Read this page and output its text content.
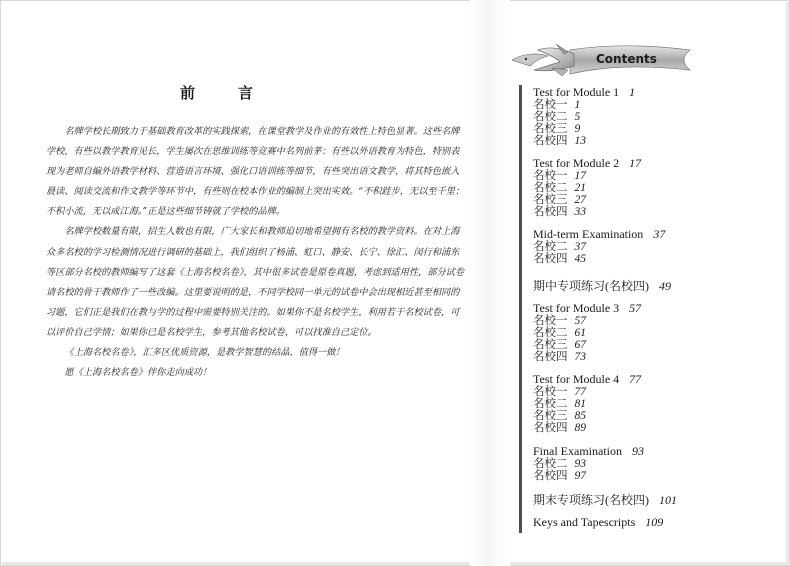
前　言

名牌学校长期致力于基础教育改革的实践探索，在课堂教学及作业的有效性上特色显著。这些名牌学校，有些以教学教育见长，学生屡次在思维训练等竞赛中名列前茅；有些以外语教育为特色，特别表现为老师自编外语教学材料、营造语言环境、强化口语训练等细节，有些突出语文教学，将其特色嵌入晨读、阅读交流和作文教学等环节中，有些则在校本作业的编制上突出实效。“不积跬步，无以至千里；不积小流，无以成江海。”正是这些细节铸就了学校的品牌。

名牌学校数量有限，招生人数也有限，广大家长和教师迫切地希望拥有名校的教学资料。在对上海众多名校的学习检测情况进行调研的基础上，我们组织了杨浦、虹口、静安、长宁、徐汇、闵行和浦东等区部分名校的教师编写了这套《上海名校名卷》，其中很多试卷是原卷真题，考虑到适用性，部分试卷请名校的骨干教师作了一些改编。这里要说明的是，不同学校同一单元的试卷中会出现相近甚至相同的习题，它们正是我们在教与学的过程中需要特别关注的。如果你不是名校学生，利用若干名校试卷，可以评价自己学情；如果你已是名校学生，参考其他名校试卷，可以找准自己定位。

《上海名校名卷》，汇多区优质资源，是教学智慧的结晶，值得一做！

愿《上海名校名卷》伴你走向成功！

Contents
Test for Module 1 1
名校一 1
名校二 5
名校三 9
名校四 13
Test for Module 2 17
名校一 17
名校二 21
名校三 27
名校四 33
Mid-term Examination 37
名校二 37
名校四 45
期中专项练习(名校四) 49
Test for Module 3 57
名校一 57
名校二 61
名校三 67
名校四 73
Test for Module 4 77
名校一 77
名校二 81
名校三 85
名校四 89
Final Examination 93
名校二 93
名校四 97
期末专项练习(名校四) 101
Keys and Tapescripts 109
